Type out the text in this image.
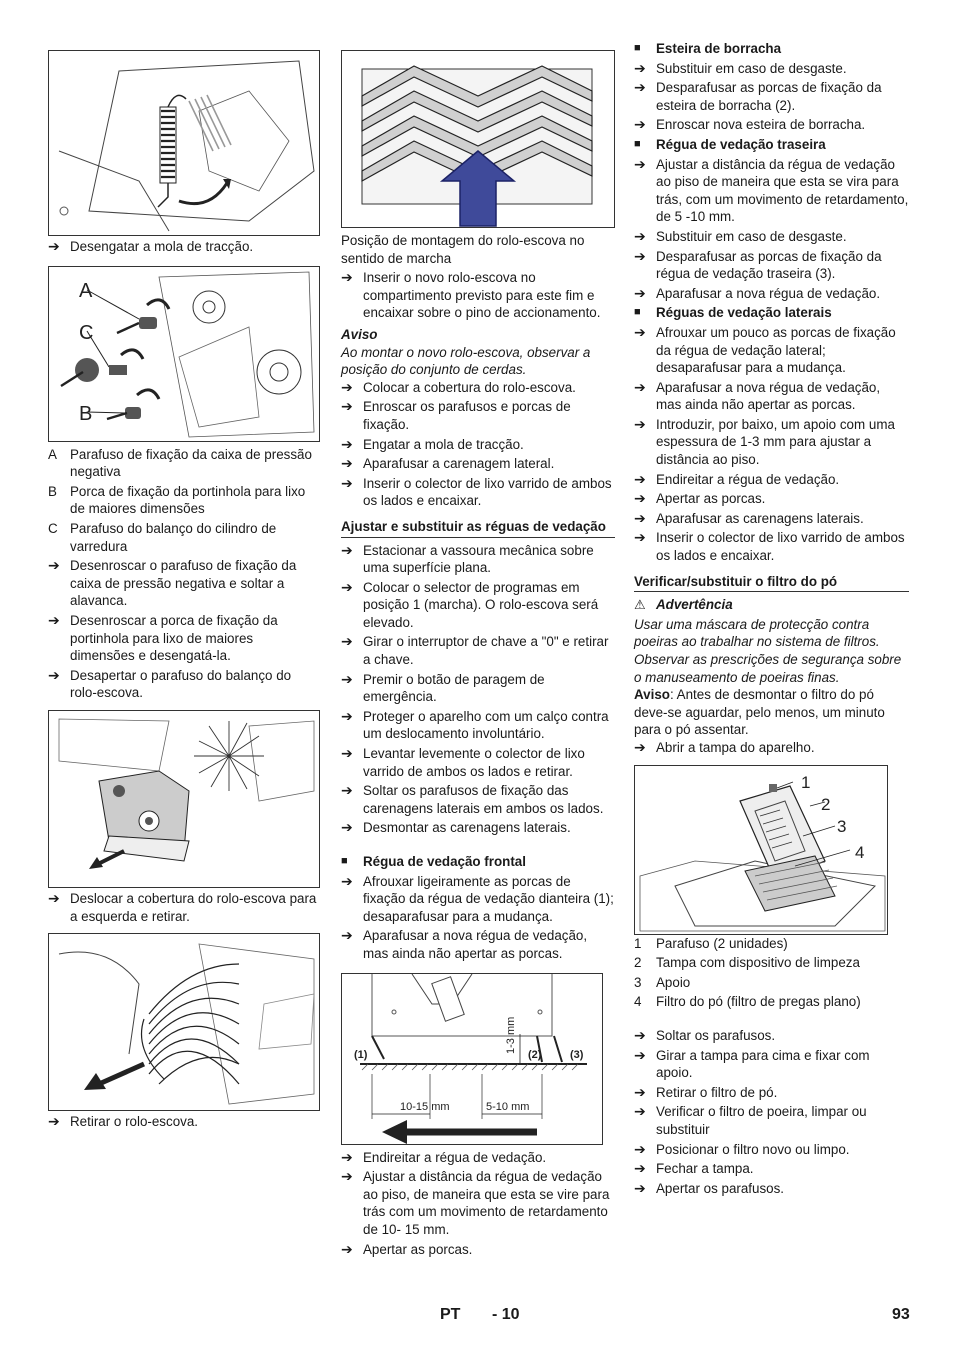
➔ Desengatar a mola de tracção.
A
C
B
A Parafuso de fixação da caixa de pressão negativa
B Porca de fixação da portinhola para lixo de maiores dimensões
C Parafuso do balanço do cilindro de varredura
➔ Desenroscar o parafuso de fixação da caixa de pressão negativa e soltar a alavanca.
➔ Desenroscar a porca de fixação da portinhola para lixo de maiores dimensões e desengatá-la.
➔ Desapertar o parafuso do balanço do rolo-escova.
➔ Deslocar a cobertura do rolo-escova para a esquerda e retirar.
➔ Retirar o rolo-escova.
Posição de montagem do rolo-escova no sentido de marcha
➔ Inserir o novo rolo-escova no compartimento previsto para este fim e encaixar sobre o pino de accionamento.
Aviso
Ao montar o novo rolo-escova, observar a posição do conjunto de cerdas.
➔ Colocar a cobertura do rolo-escova.
➔ Enroscar os parafusos e porcas de fixação.
➔ Engatar a mola de tracção.
➔ Aparafusar a carenagem lateral.
➔ Inserir o colector de lixo varrido de ambos os lados e encaixar.
Ajustar e substituir as réguas de vedação
➔ Estacionar a vassoura mecânica sobre uma superfície plana.
➔ Colocar o selector de programas em posição 1 (marcha). O rolo-escova será elevado.
➔ Girar o interruptor de chave a "0" e retirar a chave.
➔ Premir o botão de paragem de emergência.
➔ Proteger o aparelho com um calço contra um deslocamento involuntário.
➔ Levantar levemente o colector de lixo varrido de ambos os lados e retirar.
➔ Soltar os parafusos de fixação das carenagens laterais em ambos os lados.
➔ Desmontar as carenagens laterais.
■	Régua de vedação frontal
➔ Afrouxar ligeiramente as porcas de fixação da régua de vedação dianteira (1); desaparafusar para a mudança.
➔ Aparafusar a nova régua de vedação, mas ainda não apertar as porcas.
(1)	(2)	(3)
1-3 mm
10-15 mm	5-10 mm
➔ Endireitar a régua de vedação.
➔ Ajustar a distância da régua de vedação ao piso, de maneira que esta se vire para trás com um movimento de retardamento de 10- 15 mm.
➔ Apertar as porcas.
■	Esteira de borracha
➔ Substituir em caso de desgaste.
➔ Desparafusar as porcas de fixação da esteira de borracha (2).
➔ Enroscar nova esteira de borracha.
■	Régua de vedação traseira
➔ Ajustar a distância da régua de vedação ao piso de maneira que esta se vira para trás, com um movimento de retardamento, de 5 -10 mm.
➔ Substituir em caso de desgaste.
➔ Desparafusar as porcas de fixação da régua de vedação traseira (3).
➔ Aparafusar a nova régua de vedação.
■	Réguas de vedação laterais
➔ Afrouxar um pouco as porcas de fixação da régua de vedação lateral; desaparafusar para a mudança.
➔ Aparafusar a nova régua de vedação, mas ainda não apertar as porcas.
➔ Introduzir, por baixo, um apoio com uma espessura de 1-3 mm para ajustar a distância ao piso.
➔ Endireitar a régua de vedação.
➔ Apertar as porcas.
➔ Aparafusar as carenagens laterais.
➔ Inserir o colector de lixo varrido de ambos os lados e encaixar.
Verificar/substituir o filtro do pó
⚠ Advertência
Usar uma máscara de protecção contra poeiras ao trabalhar no sistema de filtros. Observar as prescrições de segurança sobre o manuseamento de poeiras finas.
Aviso: Antes de desmontar o filtro do pó deve-se aguardar, pelo menos, um minuto para o pó assentar.
➔ Abrir a tampa do aparelho.
1
2
3
4
1	Parafuso (2 unidades)
2	Tampa com dispositivo de limpeza
3	Apoio
4	Filtro do pó (filtro de pregas plano)
➔ Soltar os parafusos.
➔ Girar a tampa para cima e fixar com apoio.
➔ Retirar o filtro de pó.
➔ Verificar o filtro de poeira, limpar ou substituir
➔ Posicionar o filtro novo ou limpo.
➔ Fechar a tampa.
➔ Apertar os parafusos.
PT - 10	93
